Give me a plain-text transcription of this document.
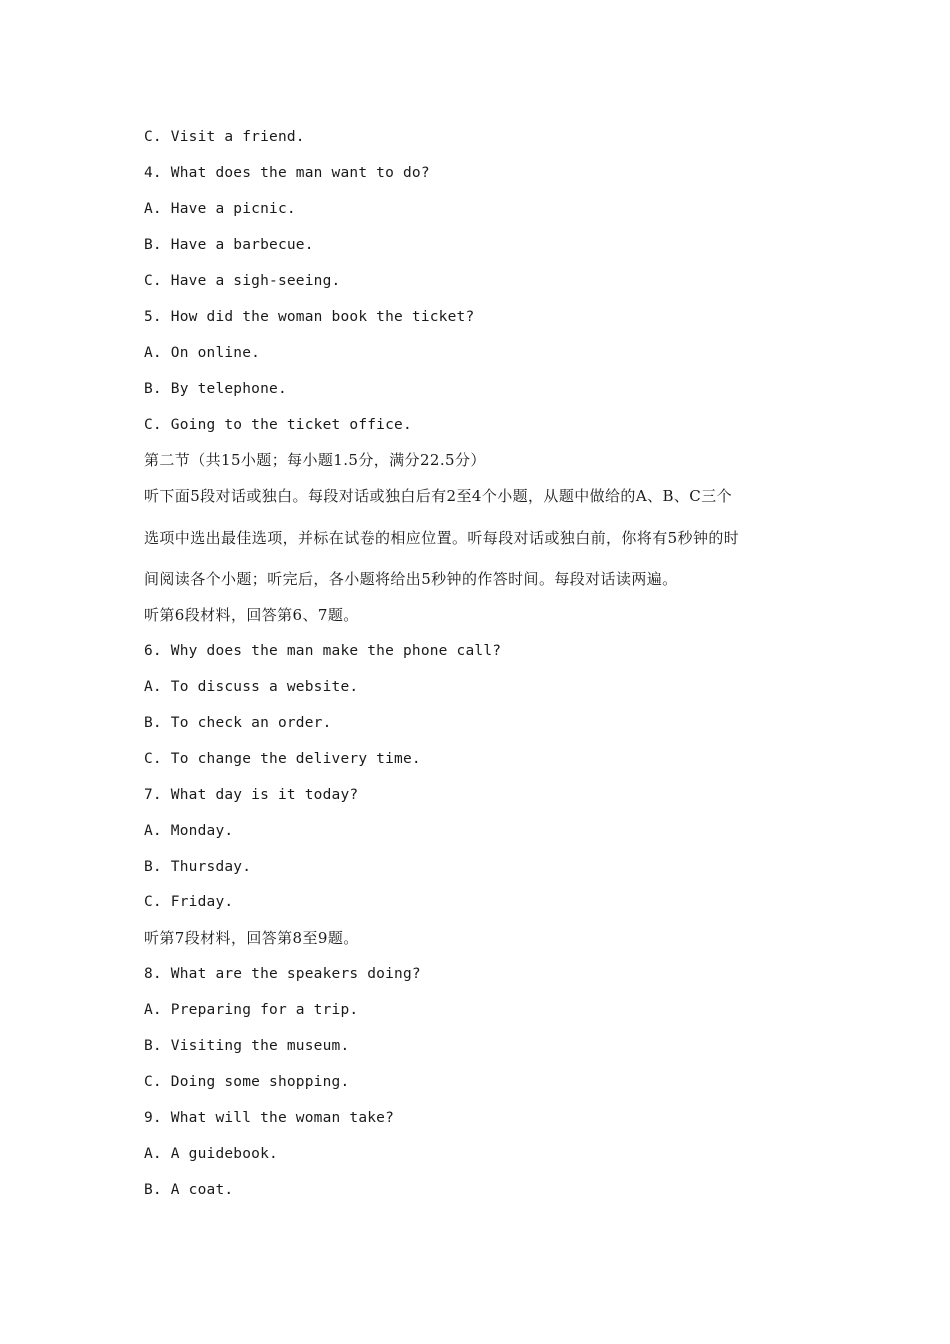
C. Visit a friend.
4. What does the man want to do?
A. Have a picnic.
B. Have a barbecue.
C. Have a sigh-seeing.
5. How did the woman book the ticket?
A. On online.
B. By telephone.
C. Going to the ticket office.
第二节（共15小题；每小题1.5分，满分22.5分）
听下面5段对话或独白。每段对话或独白后有2至4个小题，从题中做给的A、B、C三个
选项中选出最佳选项，并标在试卷的相应位置。听每段对话或独白前，你将有5秒钟的时
间阅读各个小题；听完后，各小题将给出5秒钟的作答时间。每段对话读两遍。
听第6段材料，回答第6、7题。
6. Why does the man make the phone call?
A. To discuss a website.
B. To check an order.
C. To change the delivery time.
7. What day is it today?
A. Monday.
B. Thursday.
C. Friday.
听第7段材料，回答第8至9题。
8. What are the speakers doing?
A. Preparing for a trip.
B. Visiting the museum.
C. Doing some shopping.
9. What will the woman take?
A. A guidebook.
B. A coat.
